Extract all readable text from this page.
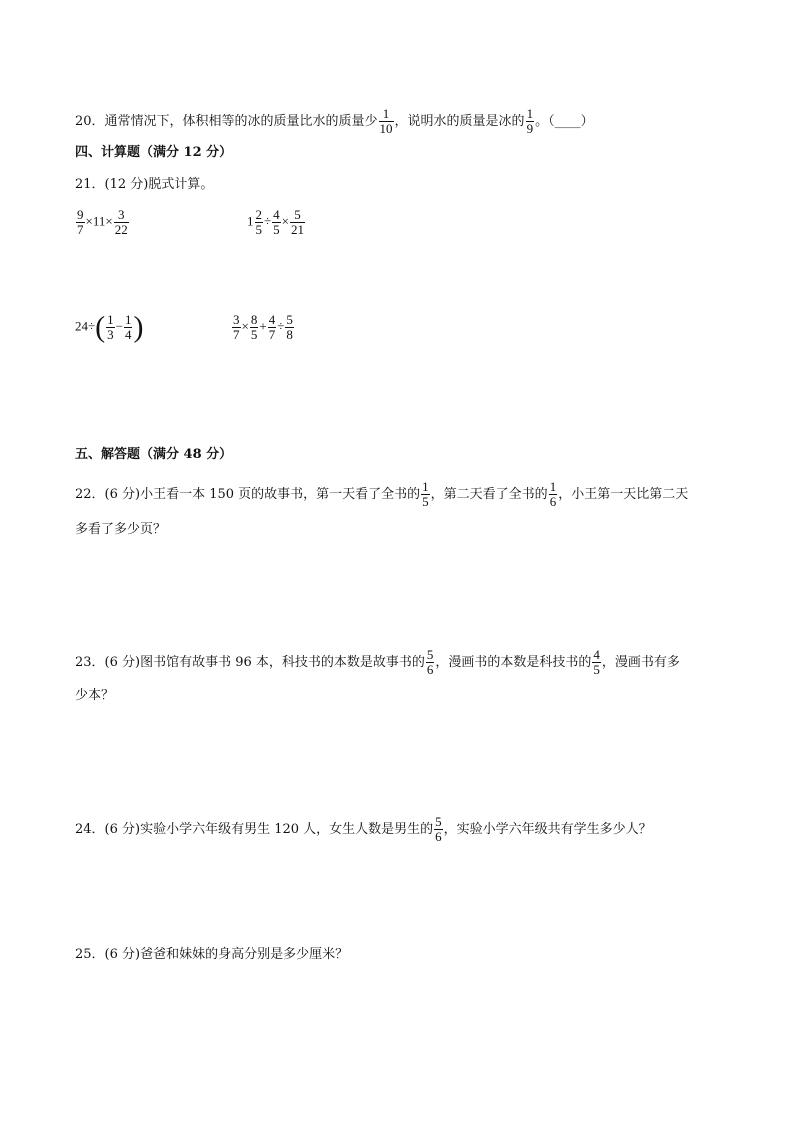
20．通常情况下，体积相等的冰的质量比水的质量少 $\frac{1}{10}$ ，说明水的质量是冰的 $\frac{1}{9}$ 。（____）
四、计算题（满分 12 分）
21．(12 分)脱式计算。
$\frac{9}{7} \times 11\times \frac{3}{22}$	$1 \frac{2}{5} \div \frac{4}{5} \times \frac{5}{21}$
$24\div( \frac{1}{3} - \frac{1}{4}$ )	$\frac{3}{7} \times \frac{8}{5} + \frac{4}{7} \div \frac{5}{8}$
五、解答题（满分 48 分）
22．(6 分)小王看一本 150 页的故事书，第一天看了全书的 $\frac{1}{5}$ ，第二天看了全书的 $\frac{1}{6}$ ，小王第一天比第二天
多看了多少页？
23．(6 分)图书馆有故事书 96 本，科技书的本数是故事书的 $\frac{5}{6}$ ，漫画书的本数是科技书的 $\frac{4}{5}$ ，漫画书有多
少本？
24．(6 分)实验小学六年级有男生 120 人，女生人数是男生的 $\frac{5}{6}$ ，实验小学六年级共有学生多少人？
25．(6 分)爸爸和妹妹的身高分别是多少厘米？
